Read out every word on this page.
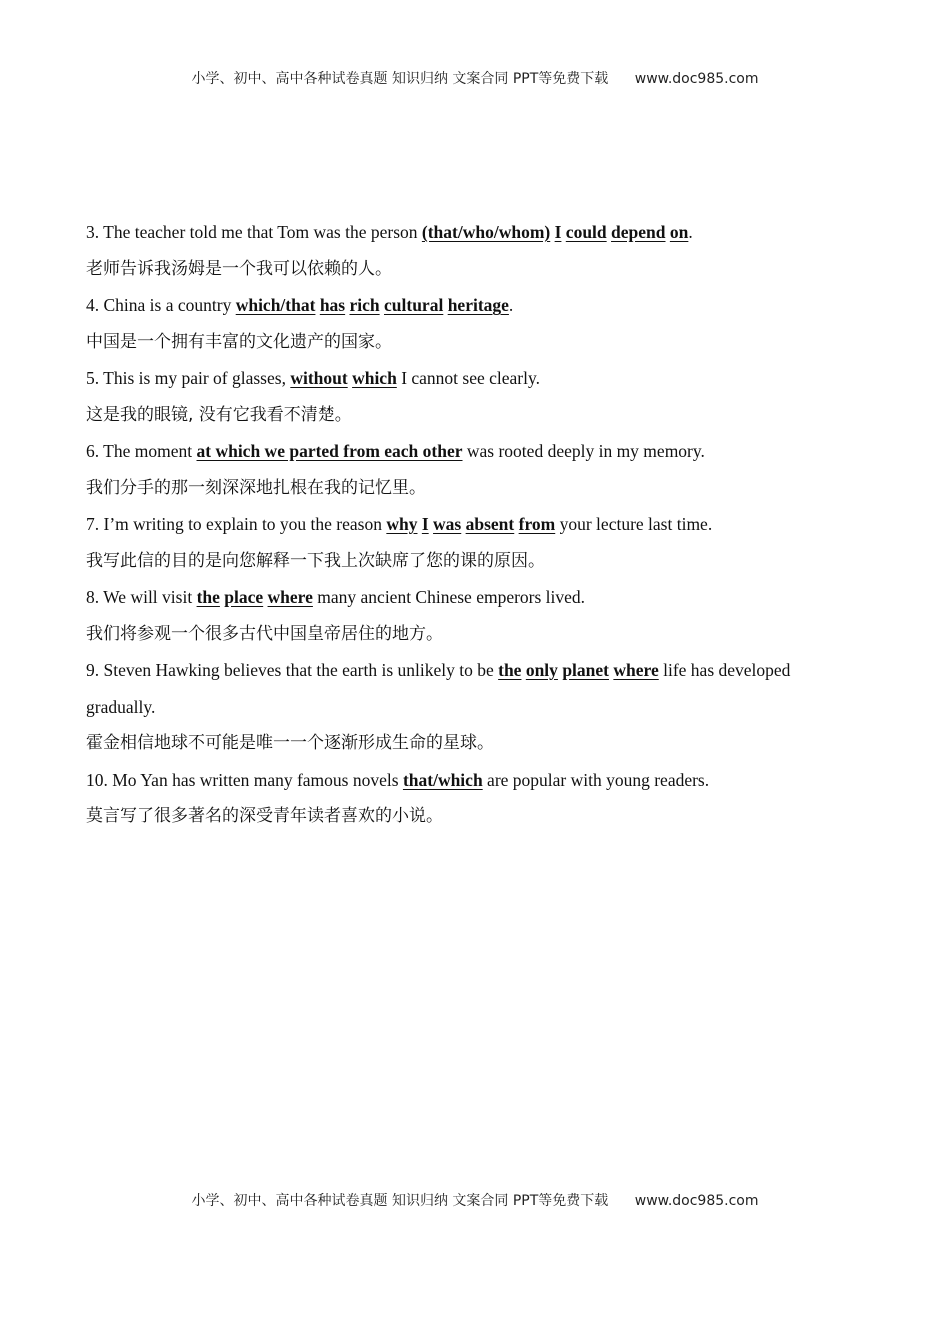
小学、初中、高中各种试卷真题 知识归纳 文案合同 PPT等免费下载 www.doc985.com
3. The teacher told me that Tom was the person (that/who/whom) I could depend on.
老师告诉我汤姆是一个我可以依赖的人。
4. China is a country which/that has rich cultural heritage.
中国是一个拥有丰富的文化遗产的国家。
5. This is my pair of glasses, without which I cannot see clearly.
这是我的眼镜, 没有它我看不清楚。
6. The moment at which we parted from each other was rooted deeply in my memory.
我们分手的那一刻深深地扎根在我的记忆里。
7. I’m writing to explain to you the reason why I was absent from your lecture last time.
我写此信的目的是向您解释一下我上次缺席了您的课的原因。
8. We will visit the place where many ancient Chinese emperors lived.
我们将参观一个很多古代中国皇帝居住的地方。
9. Steven Hawking believes that the earth is unlikely to be the only planet where life has developed
gradually.
霍金相信地球不可能是唯一一个逐渐形成生命的星球。
10. Mo Yan has written many famous novels that/which are popular with young readers.
莫言写了很多著名的深受青年读者喜欢的小说。
小学、初中、高中各种试卷真题 知识归纳 文案合同 PPT等免费下载 www.doc985.com
